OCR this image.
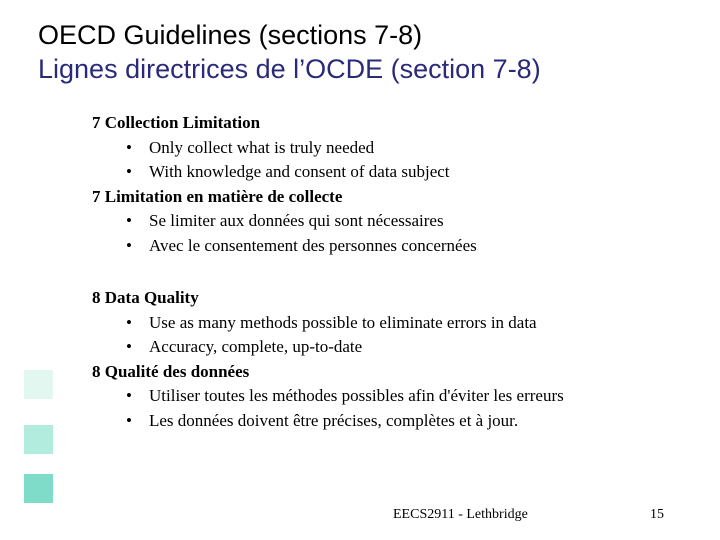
OECD Guidelines (sections 7-8)
Lignes directrices de l’OCDE (section 7-8)
7 Collection Limitation
•	Only collect what is truly needed
•	With knowledge and consent of data subject
7 Limitation en matière de collecte
•	Se limiter aux données qui sont nécessaires
•	Avec le consentement des personnes concernées
8 Data Quality
•	Use as many methods possible to eliminate errors in data
•	Accuracy, complete, up-to-date
8 Qualité des données
•	Utiliser toutes les méthodes possibles afin d'éviter les erreurs
•	Les données doivent être précises, complètes et à jour.
EECS2911 - Lethbridge	15
